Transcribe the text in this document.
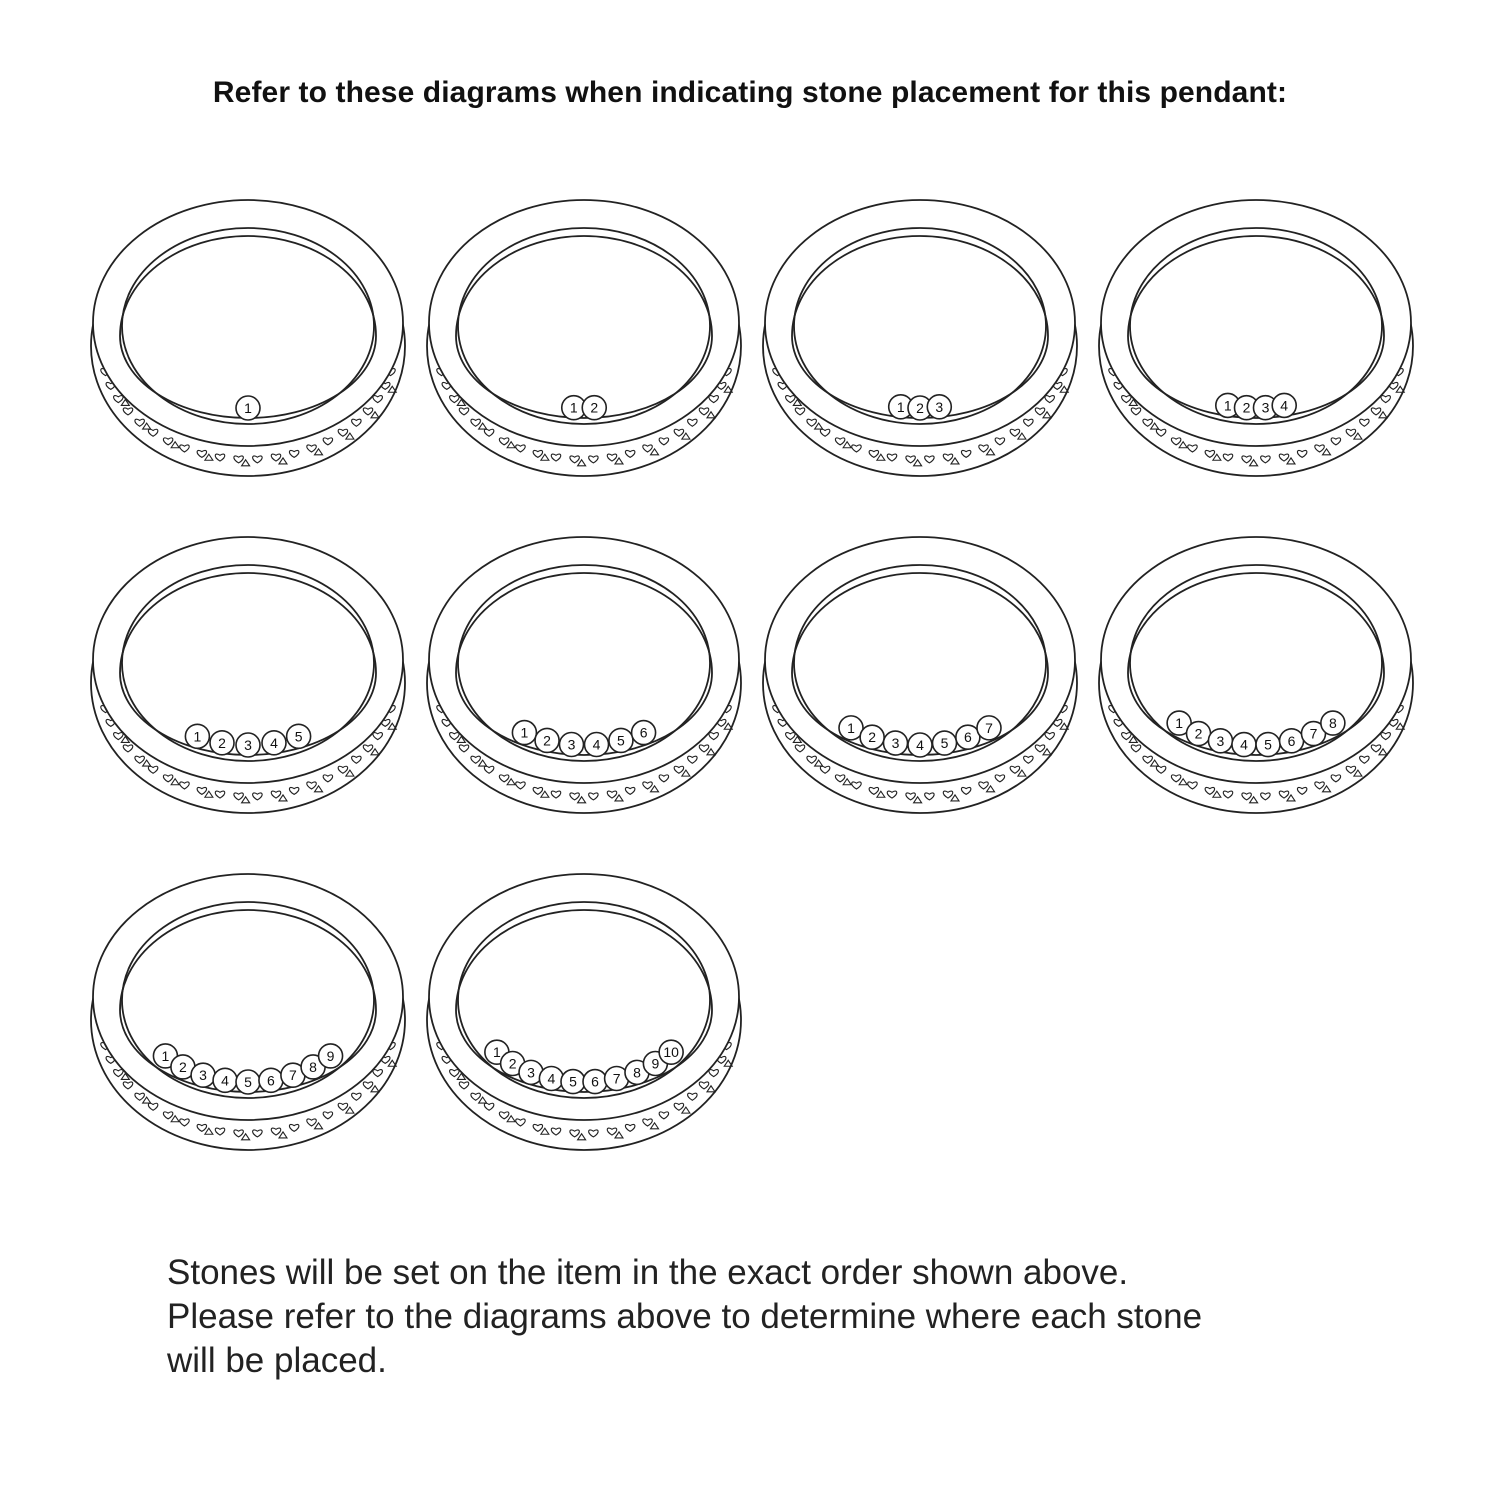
Refer to these diagrams when indicating stone placement for this pendant:
1	1 2	1 2 3	1 2 3 4
1 2 3 4 5	1 2 3 4 5 6	1
2 3 4 5 6
7	1
2 3 4 5 6 7
8
1
2
3 4 5 6 7
8
9	1
2
3 4 5 6 7 8
9
10

Stones will be set on the item in the exact order shown above.

Please refer to the diagrams above to determine where each stone

will be placed.
